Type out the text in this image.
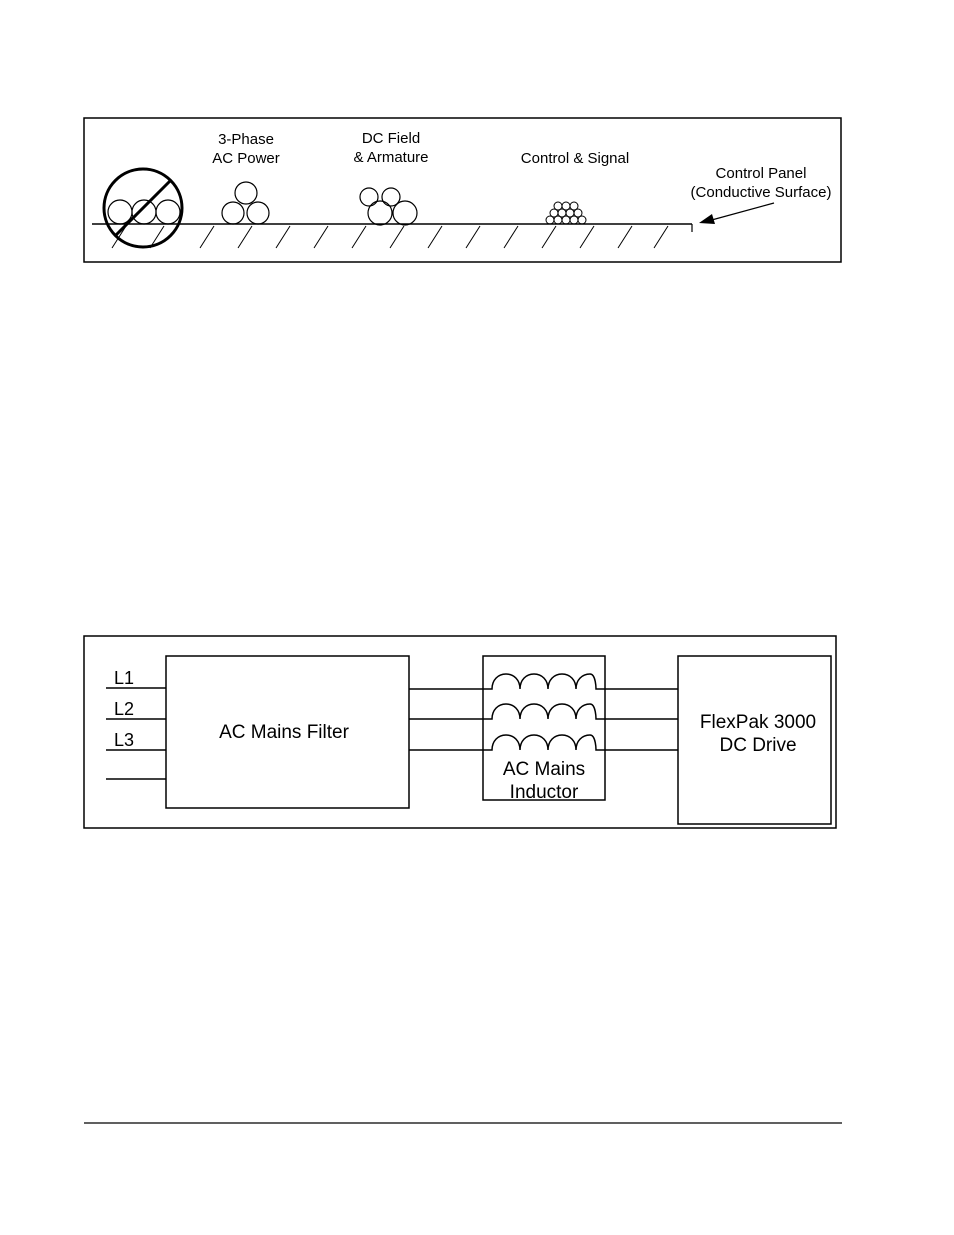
3-Phase
AC Power
DC Field
& Armature	Control & Signal
Control Panel
(Conductive Surface)
L1
L2
L3	AC Mains Filter
AC Mains
Inductor
FlexPak 3000
DC Drive
